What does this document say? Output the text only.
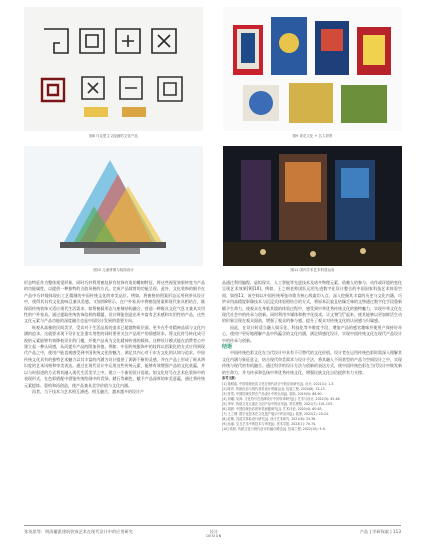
图8 马克思主义绘画的文化产品	图9 青花文化 + 名人背景
图10 儿童拼图与装饰设计	图11 国内学术艺术科普运用

形态特征作为整体视觉形象，同时巧妙利用窗纹原有装饰有角的雕刻特征，将这些视觉效果转变为产品的功能属性，以提供一种独特的古韵风格的方式。完成产品裁剪的功能呈现，此外，文化装饰的细节在产品中巧妙地体现出工艺精细的中国传统文化的审美品位。例如，将窗格的图案形态运用到茶具设计中，使得其具有文化韵味且兼具美感。又如图8所示，在户外家具中将窗纹图案和现代家具相结合，既保留传统装饰又适应现代生活需求，如将窗棂形态与座椅结构融合，营造一种既具文化气息又兼具实用性的户外家具。通过提取传统装饰纹样的精髓，设计师能创造出更多富有艺术感和实用性的产品，这些文化元素与产品功能的深度融合也是中国设计发展的重要方向。

纵观从高雅的民间美学，受众对于生活品质的追求已超越物质层面，更多在乎对精神品质与文化内涵的追求。这就要求现下设计在注重实用性的同时要更关注产品用户的情感诉求。将文化符号转化成可视的元素能够有效降低设计的门槛，并使产品成为文化精神传递的载体，这种设计模式能在消费者心中建立起一种认同感，从而提升产品的附加价值。例如，中国传统服饰中的纹样以图案化的方式应用到现代产品之中，使用户能直观感受到中国传统文化的魅力，满足其内心对于东方文化的认知与追求。中国传统文化具有的独特艺术魅力以其丰富的内涵为设计提供了源源不断的灵感，并在产品上形成了极具辨识度的艺术风格和审美表达。通过在现代设计中运用这些传统元素，能够有效增强产品的文化底蕴，并以与时俱进的方式将其融入现代生活美学之中，建立一个新的设计语境。如文化符号在艺术化装饰中的表现形式，在色彩搭配中借鉴传统绘画中的青绿、赭石等颜色，赋予产品深厚的审美意蕴，通过将传统元素提炼、重构和再创造，使产品兼具美学价值与文化内涵。

再者，当下技术与艺术相互渗透、相互融合，越来越多的设计产

品通过利用编程、虚拟现实、人工智能等先进技术及诸多物理元素，依赖人的参与，动作或环境的变化呈现艺术效果[9][10]。例如，王之纲老师团队运用先进数字化设计整合的中国国家科技艺术体验空间，如图11，该空间以中国传统琴弦诗歌为核心线索切入点，深入挖掘其丰富的历史与文化内涵，巧妙采用高精度影像技术与沉浸式体验相结合的方式，将原本沉寂且枯燥乏味的文物通过数字化手段重新赋予生命力，使观众在身临其境的体验过程中，感受到中华优秀传统文化的独特魅力，实现中华文化在现代社会中的传承与创新。同时利用多媒体和数字化技术，让文物"活"起来，使其能够以更加鲜活生动的形象呈现在观众面前，增强了观众的参与感，提升了观众对传统文化的认同感与归属感。

因此，在设计时适当融入娱乐化、科技化等多维度手段，增加产品的感官趣味并使用户保持好奇心，使用户更好地理解产品中所蕴含的文化内涵，满足情感化设计，实现中国传统文化在现代产品设计中的传承与创新。

结语

中国传统色彩文化在当代设计中具有不可替代的文化价值。设计者在运用传统色彩时需深入理解其文化内涵与象征意义，结合现代审美需求与设计手法，将其融入不同类型的产品与空间设计之中，实现传统与现代的有机融合。通过科学的设计方法与创新的表达方式，使中国传统色彩在当代设计中焕发新的生命力，并为传承和弘扬中华优秀传统文化、增强民族文化自信提供有力支撑。

参考文献：
[1] 钱明成. 中国传统色彩文化在现代设计中的应用研究[J]. 设计, 2021(1): 1-3.
[2] 陈亮. 传统色彩与现代视觉设计的融合[J]. 包装工程, 2020(8): 12-15.
[3] 张雪. 中国传统纹样在产品设计中的运用[J]. 装饰, 2019(5): 88-90.
[4] 刘曦, 吴涛. 文化符号在品牌设计中的转译研究[J]. 艺术与设计, 2022(3): 45-48.
[5] 李华. 传统文化元素在文创产品中的应用[J]. 美术观察, 2021(7): 101-103.
[6] 周晨. 中国传统色彩的审美意蕴研究[J]. 艺术评论, 2020(4): 60-63.
[7] 王之纲. 数字化技术在文化遗产展示中的应用[J]. 装饰, 2022(2): 20-24.
[8] 赵敏. 沉浸式体验设计研究[J]. 设计艺术研究, 2021(6): 33-36.
[9] 孙丽. 交互艺术中的技术与审美[J]. 美术学报, 2023(1): 70-74.
[10] 高阳. 传统文化与现代设计的融合路径[J]. 包装工程, 2022(10): 5-9.
张英思等：明清徽派建筑装饰艺术在现代设计中的应用研究	设计
DESIGN
产品 | 学研探索 | 113
